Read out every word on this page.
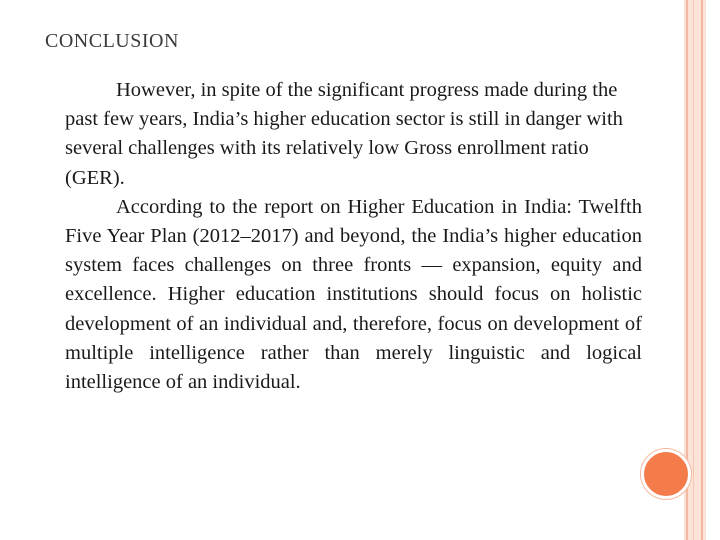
CONCLUSION

However, in spite of the significant progress made during the past few years, India’s higher education sector is still in danger with several challenges with its relatively low Gross enrollment ratio (GER).

According to the report on Higher Education in India: Twelfth Five Year Plan (2012–2017) and beyond, the India’s higher education system faces challenges on three fronts — expansion, equity and excellence. Higher education institutions should focus on holistic development of an individual and, therefore, focus on development of multiple intelligence rather than merely linguistic and logical intelligence of an individual.
